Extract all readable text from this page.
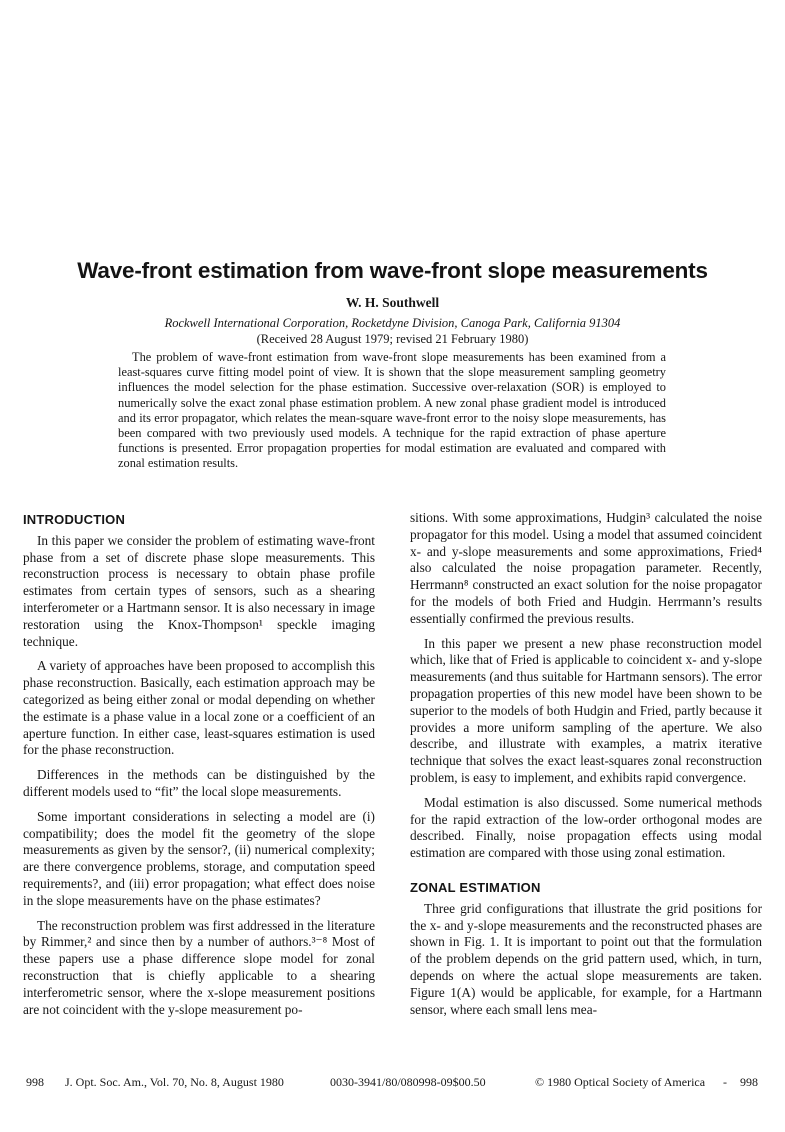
Wave-front estimation from wave-front slope measurements
W. H. Southwell
Rockwell International Corporation, Rocketdyne Division, Canoga Park, California 91304
(Received 28 August 1979; revised 21 February 1980)

The problem of wave-front estimation from wave-front slope measurements has been examined from a least-squares curve fitting model point of view. It is shown that the slope measurement sampling geometry influences the model selection for the phase estimation. Successive over-relaxation (SOR) is employed to numerically solve the exact zonal phase estimation problem. A new zonal phase gradient model is introduced and its error propagator, which relates the mean-square wave-front error to the noisy slope measurements, has been compared with two previously used models. A technique for the rapid extraction of phase aperture functions is presented. Error propagation properties for modal estimation are evaluated and compared with zonal estimation results.

INTRODUCTION

In this paper we consider the problem of estimating wave-front phase from a set of discrete phase slope measurements. This reconstruction process is necessary to obtain phase profile estimates from certain types of sensors, such as a shearing interferometer or a Hartmann sensor. It is also necessary in image restoration using the Knox-Thompson¹ speckle imaging technique.

A variety of approaches have been proposed to accomplish this phase reconstruction. Basically, each estimation approach may be categorized as being either zonal or modal depending on whether the estimate is a phase value in a local zone or a coefficient of an aperture function. In either case, least-squares estimation is used for the phase reconstruction.

Differences in the methods can be distinguished by the different models used to “fit” the local slope measurements.

Some important considerations in selecting a model are (i) compatibility; does the model fit the geometry of the slope measurements as given by the sensor?, (ii) numerical complexity; are there convergence problems, storage, and computation speed requirements?, and (iii) error propagation; what effect does noise in the slope measurements have on the phase estimates?

The reconstruction problem was first addressed in the literature by Rimmer,² and since then by a number of authors.³⁻⁸ Most of these papers use a phase difference slope model for zonal reconstruction that is chiefly applicable to a shearing interferometric sensor, where the x-slope measurement positions are not coincident with the y-slope measurement po-

sitions. With some approximations, Hudgin³ calculated the noise propagator for this model. Using a model that assumed coincident x- and y-slope measurements and some approximations, Fried⁴ also calculated the noise propagation parameter. Recently, Herrmann⁸ constructed an exact solution for the noise propagator for the models of both Fried and Hudgin. Herrmann’s results essentially confirmed the previous results.

In this paper we present a new phase reconstruction model which, like that of Fried is applicable to coincident x- and y-slope measurements (and thus suitable for Hartmann sensors). The error propagation properties of this new model have been shown to be superior to the models of both Hudgin and Fried, partly because it provides a more uniform sampling of the aperture. We also describe, and illustrate with examples, a matrix iterative technique that solves the exact least-squares zonal reconstruction problem, is easy to implement, and exhibits rapid convergence.

Modal estimation is also discussed. Some numerical methods for the rapid extraction of the low-order orthogonal modes are described. Finally, noise propagation effects using modal estimation are compared with those using zonal estimation.

ZONAL ESTIMATION

Three grid configurations that illustrate the grid positions for the x- and y-slope measurements and the reconstructed phases are shown in Fig. 1. It is important to point out that the formulation of the problem depends on the grid pattern used, which, in turn, depends on where the actual slope measurements are taken. Figure 1(A) would be applicable, for example, for a Hartmann sensor, where each small lens mea-

998 J. Opt. Soc. Am., Vol. 70, No. 8, August 1980	0030-3941/80/080998-09$00.50	© 1980 Optical Society of America - 998
